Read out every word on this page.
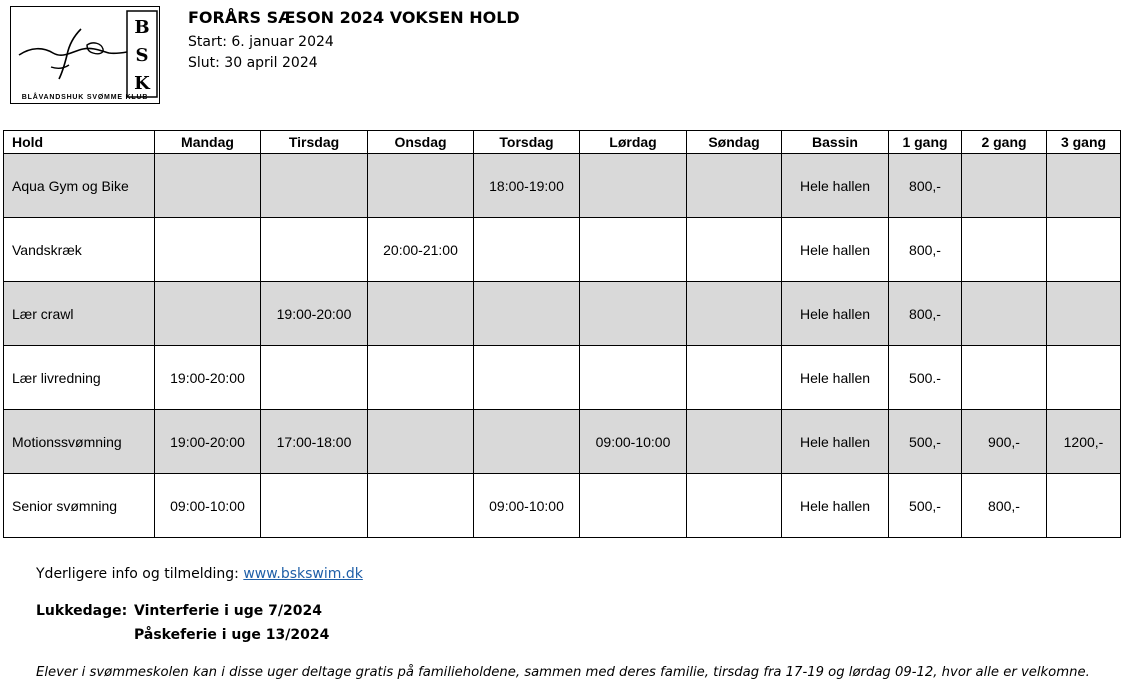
B
S
K
BLÅVANDSHUK SVØMME KLUB
FORÅRS SÆSON 2024 VOKSEN HOLD
Start: 6. januar 2024
Slut: 30 april 2024
Hold	Mandag	Tirsdag	Onsdag	Torsdag	Lørdag	Søndag	Bassin	1 gang	2 gang	3 gang
Aqua Gym og Bike				18:00-19:00			Hele hallen	800,-		
Vandskræk			20:00-21:00				Hele hallen	800,-		
Lær crawl		19:00-20:00					Hele hallen	800,-		
Lær livredning	19:00-20:00						Hele hallen	500.-		
Motionssvømning	19:00-20:00	17:00-18:00			09:00-10:00		Hele hallen	500,-	900,-	1200,-
Senior svømning	09:00-10:00			09:00-10:00			Hele hallen	500,-	800,-	
Yderligere info og tilmelding: www.bskswim.dk
Lukkedage: Vinterferie i uge 7/2024
Påskeferie i uge 13/2024
Elever i svømmeskolen kan i disse uger deltage gratis på familieholdene, sammen med deres familie, tirsdag fra 17-19 og lørdag 09-12, hvor alle er velkomne.
